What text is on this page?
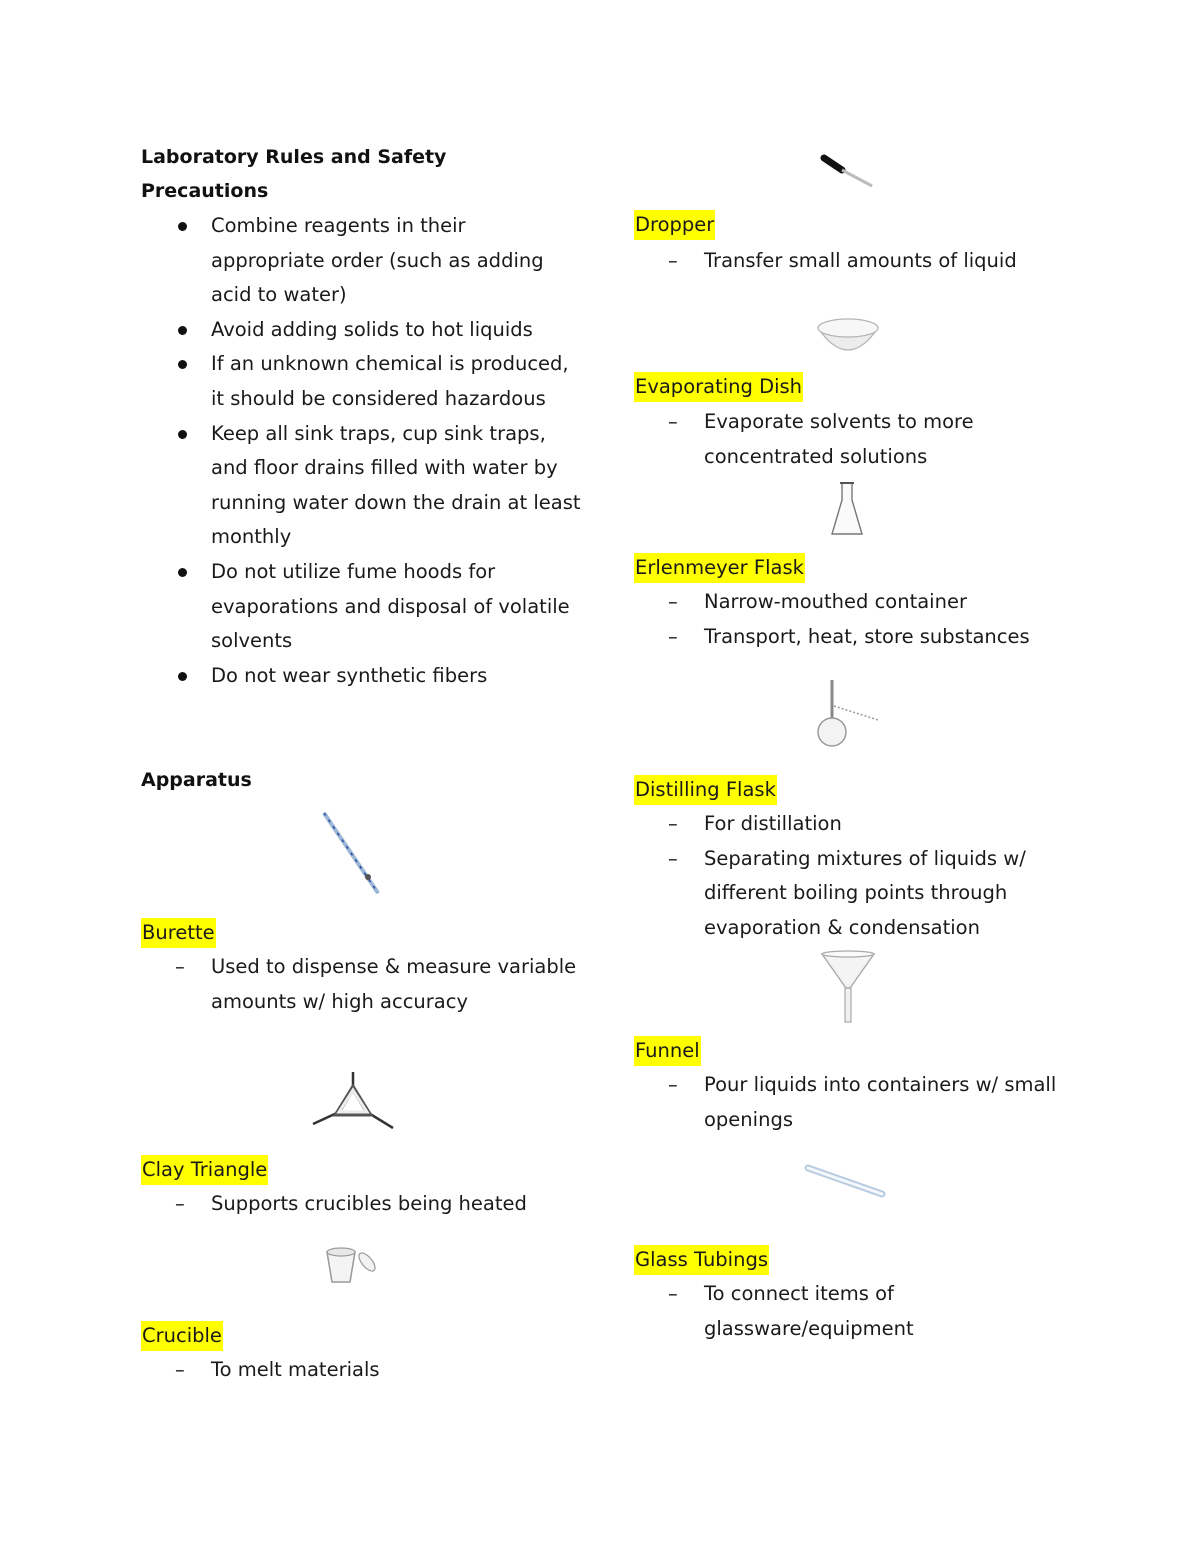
Laboratory Rules and Safety
Precautions
Combine reagents in their appropriate order (such as adding acid to water)
Avoid adding solids to hot liquids
If an unknown chemical is produced, it should be considered hazardous
Keep all sink traps, cup sink traps, and floor drains filled with water by running water down the drain at least monthly
Do not utilize fume hoods for evaporations and disposal of volatile solvents
Do not wear synthetic fibers
Apparatus
Burette
– Used to dispense & measure variable amounts w/ high accuracy
Clay Triangle
– Supports crucibles being heated
Crucible
– To melt materials
Dropper
– Transfer small amounts of liquid
Evaporating Dish
– Evaporate solvents to more concentrated solutions
Erlenmeyer Flask
– Narrow-mouthed container
– Transport, heat, store substances
Distilling Flask
– For distillation
– Separating mixtures of liquids w/ different boiling points through evaporation & condensation
Funnel
– Pour liquids into containers w/ small openings
Glass Tubings
– To connect items of glassware/equipment
